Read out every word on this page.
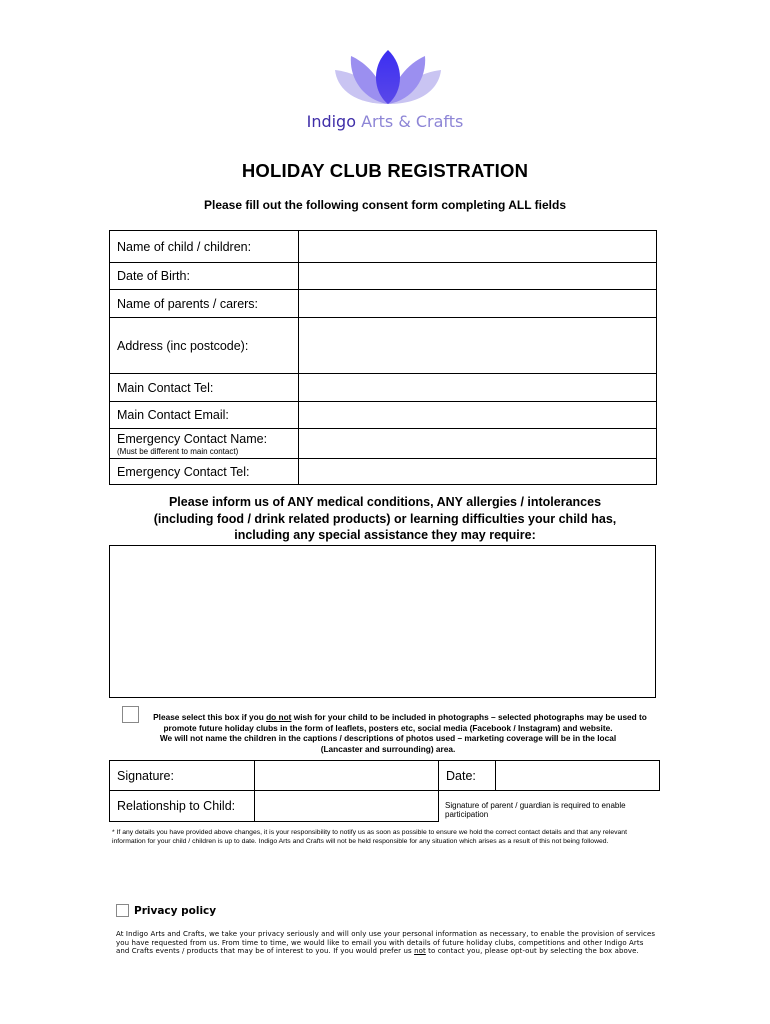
Indigo Arts & Crafts
HOLIDAY CLUB REGISTRATION
Please fill out the following consent form completing ALL fields
Name of child / children:	
Date of Birth:	
Name of parents / carers:	
Address (inc postcode):	
Main Contact Tel:	
Main Contact Email:	
Emergency Contact Name:
(Must be different to main contact)	

Emergency Contact Tel:	
Please inform us of ANY medical conditions, ANY allergies / intolerances
(including food / drink related products) or learning difficulties your child has,
including any special assistance they may require:
Please select this box if you do not wish for your child to be included in photographs – selected photographs may be used to promote future holiday clubs in the form of leaflets, posters etc, social media (Facebook / Instagram) and website.
We will not name the children in the captions / descriptions of photos used – marketing coverage will be in the local
(Lancaster and surrounding) area.
Signature:		Date:	
Relationship to Child:		Signature of parent / guardian is required to enable participation	
* If any details you have provided above changes, it is your responsibility to notify us as soon as possible to ensure we hold the correct contact details and that any relevant information for your child / children is up to date. Indigo Arts and Crafts will not be held responsible for any situation which arises as a result of this not being followed.
Privacy policy
At Indigo Arts and Crafts, we take your privacy seriously and will only use your personal information as necessary, to enable the provision of services you have requested from us. From time to time, we would like to email you with details of future holiday clubs, competitions and other Indigo Arts and Crafts events / products that may be of interest to you. If you would prefer us not to contact you, please opt-out by selecting the box above.
